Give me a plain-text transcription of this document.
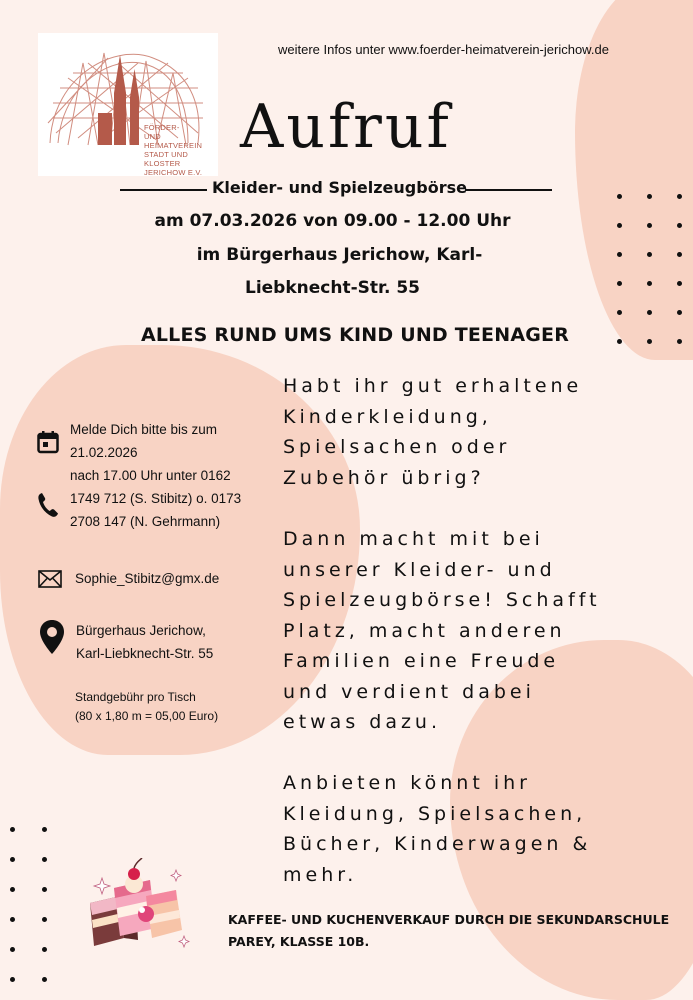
FÖRDER-
UND HEIMATVEREIN
STADT UND KLOSTER
JERICHOW E.V.
weitere Infos unter www.foerder-heimatverein-jerichow.de
Aufruf
Kleider- und Spielzeugbörse
am 07.03.2026 von 09.00 - 12.00 Uhr
im Bürgerhaus Jerichow, Karl-
Liebknecht-Str. 55
ALLES RUND UMS KIND UND TEENAGER
Melde Dich bitte bis zum
21.02.2026
nach 17.00 Uhr unter 0162
1749 712 (S. Stibitz) o. 0173
2708 147 (N. Gehrmann)
Sophie_Stibitz@gmx.de
Bürgerhaus Jerichow,
Karl-Liebknecht-Str. 55
Standgebühr pro Tisch
(80 x 1,80 m = 05,00 Euro)
Habt ihr gut erhaltene
Kinderkleidung,
Spielsachen oder
Zubehör übrig?
Dann macht mit bei
unserer Kleider- und
Spielzeugbörse! Schafft
Platz, macht anderen
Familien eine Freude
und verdient dabei
etwas dazu.
Anbieten könnt ihr
Kleidung, Spielsachen,
Bücher, Kinderwagen &
mehr.
KAFFEE- UND KUCHENVERKAUF DURCH DIE SEKUNDARSCHULE
PAREY, KLASSE 10B.
